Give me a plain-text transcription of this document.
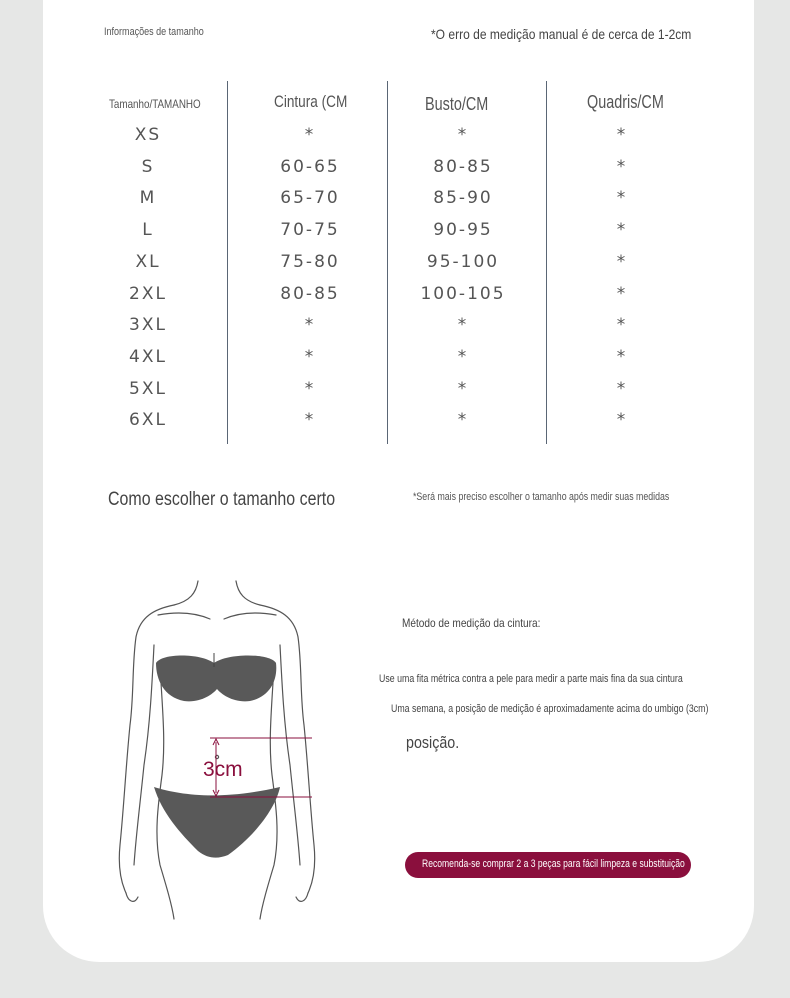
Informações de tamanho	*O erro de medição manual é de cerca de 1-2cm
Tamanho/TAMANHO	Cintura (CM	Busto/CM	Quadris/CM
XS	*	*	*
S	60-65	80-85	*
M	65-70	85-90	*
L	70-75	90-95	*
XL	75-80	95-100	*
2XL	80-85	100-105	*
3XL	*	*	*
4XL	*	*	*
5XL	*	*	*
6XL	*	*	*
Como escolher o tamanho certo	*Será mais preciso escolher o tamanho após medir suas medidas
3cm
Método de medição da cintura:
Use uma fita métrica contra a pele para medir a parte mais fina da sua cintura
Uma semana, a posição de medição é aproximadamente acima do umbigo (3cm)
posição.
Recomenda-se comprar 2 a 3 peças para fácil limpeza e substituição
